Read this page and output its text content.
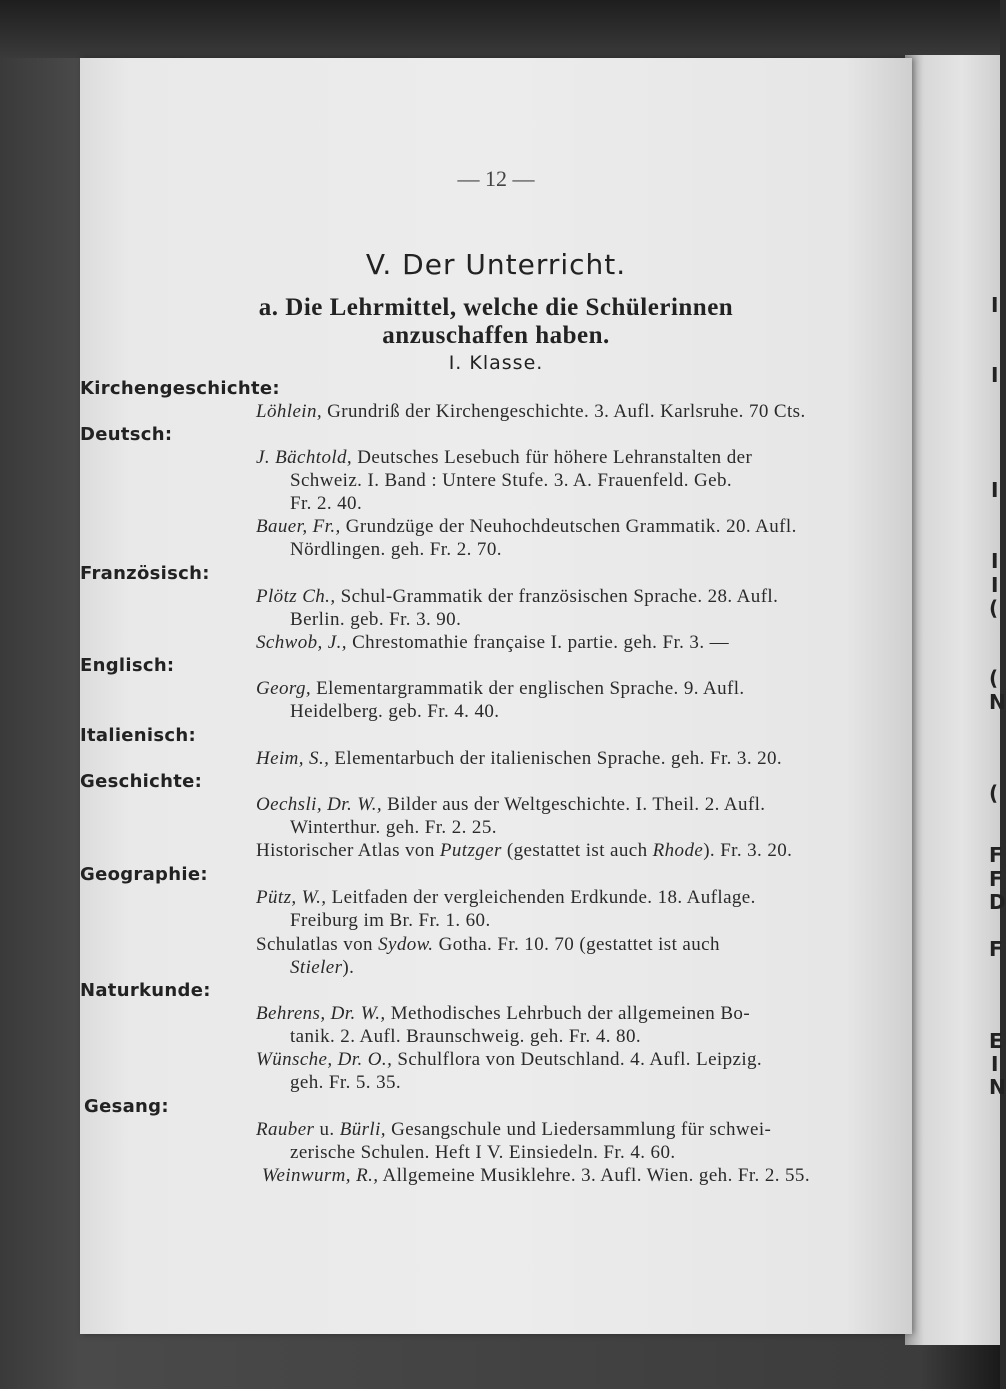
I
I
I
I
I
(
(
N
(
F
F
D
F
E
I
N
— 12 —
V. Der Unterricht.
a. Die Lehrmittel, welche die Schülerinnen
anzuschaffen haben.
I. Klasse.
Kirchengeschichte:
Löhlein, Grundriß der Kirchengeschichte. 3. Aufl. Karlsruhe. 70 Cts.
Deutsch:
J. Bächtold, Deutsches Lesebuch für höhere Lehranstalten der
Schweiz. I. Band : Untere Stufe. 3. A. Frauenfeld. Geb.
Fr. 2. 40.
Bauer, Fr., Grundzüge der Neuhochdeutschen Grammatik. 20. Aufl.
Nördlingen. geh. Fr. 2. 70.
Französisch:
Plötz Ch., Schul-Grammatik der französischen Sprache. 28. Aufl.
Berlin. geb. Fr. 3. 90.
Schwob, J., Chrestomathie française I. partie. geh. Fr. 3. —
Englisch:
Georg, Elementargrammatik der englischen Sprache. 9. Aufl.
Heidelberg. geb. Fr. 4. 40.
Italienisch:
Heim, S., Elementarbuch der italienischen Sprache. geh. Fr. 3. 20.
Geschichte:
Oechsli, Dr. W., Bilder aus der Weltgeschichte. I. Theil. 2. Aufl.
Winterthur. geh. Fr. 2. 25.
Historischer Atlas von Putzger (gestattet ist auch Rhode). Fr. 3. 20.
Geographie:
Pütz, W., Leitfaden der vergleichenden Erdkunde. 18. Auflage.
Freiburg im Br. Fr. 1. 60.
Schulatlas von Sydow. Gotha. Fr. 10. 70 (gestattet ist auch
Stieler).
Naturkunde:
Behrens, Dr. W., Methodisches Lehrbuch der allgemeinen Bo-
tanik. 2. Aufl. Braunschweig. geh. Fr. 4. 80.
Wünsche, Dr. O., Schulflora von Deutschland. 4. Aufl. Leipzig.
geh. Fr. 5. 35.
Gesang:
Rauber u. Bürli, Gesangschule und Liedersammlung für schwei-
zerische Schulen. Heft I V. Einsiedeln. Fr. 4. 60.
Weinwurm, R., Allgemeine Musiklehre. 3. Aufl. Wien. geh. Fr. 2. 55.
